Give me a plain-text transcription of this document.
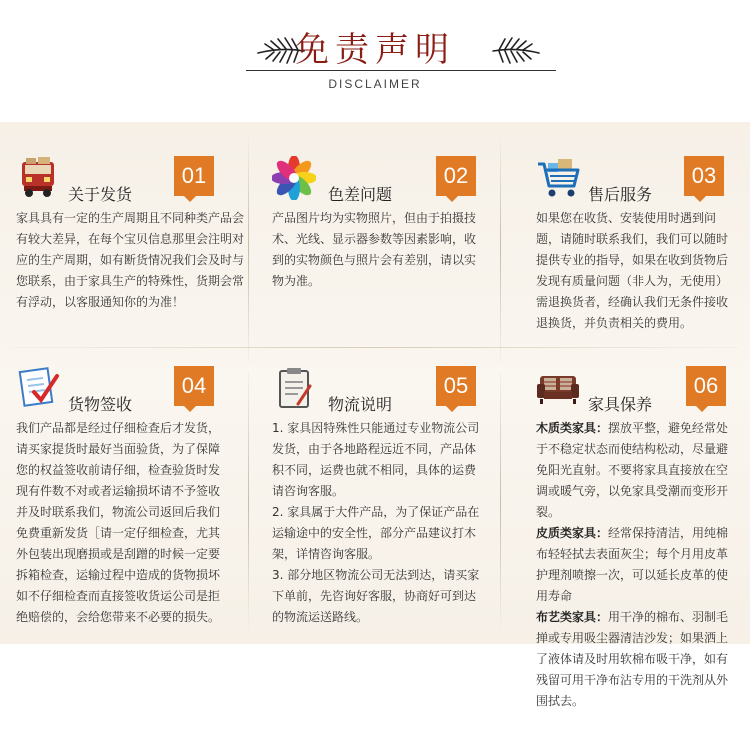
免责声明
DISCLAIMER
关于发货
01
家具具有一定的生产周期且不同种类产品会有较大差异，在每个宝贝信息那里会注明对应的生产周期，如有断货情况我们会及时与您联系，由于家具生产的特殊性，货期会常有浮动，以客服通知你的为准！
色差问题
02
产品图片均为实物照片，但由于拍摄技术、光线、显示器参数等因素影响，收到的实物颜色与照片会有差别，请以实物为准。
售后服务
03
如果您在收货、安装使用时遇到问题，请随时联系我们，我们可以随时提供专业的指导，如果在收到货物后发现有质量问题（非人为，无使用）需退换货者，经确认我们无条件接收退换货，并负责相关的费用。
货物签收
04
我们产品都是经过仔细检查后才发货，请买家提货时最好当面验货，为了保障您的权益签收前请仔细，检查验货时发现有件数不对或者运输损坏请不予签收并及时联系我们，物流公司返回后我们免费重新发货［请一定仔细检查，尤其外包装出现磨损或是刮蹭的时候一定要拆箱检查，运输过程中造成的货物损坏如不仔细检查而直接签收货运公司是拒绝赔偿的，会给您带来不必要的损失。
物流说明
05

1. 家具因特殊性只能通过专业物流公司发货，由于各地路程远近不同，产品体积不同，运费也就不相同，具体的运费请咨询客服。

2. 家具属于大件产品，为了保证产品在运输途中的安全性，部分产品建议打木架，详情咨询客服。

3. 部分地区物流公司无法到达，请买家下单前，先咨询好客服，协商好可到达的物流运送路线。

家具保养
06

木质类家具：摆放平整，避免经常处于不稳定状态而使结构松动，尽量避免阳光直射。不要将家具直接放在空调或暖气旁，以免家具受潮而变形开裂。

皮质类家具：经常保持清洁，用纯棉布轻轻拭去表面灰尘；每个月用皮革护理剂喷擦一次，可以延长皮革的使用寿命

布艺类家具：用干净的棉布、羽制毛掸或专用吸尘器清洁沙发；如果洒上了液体请及时用软棉布吸干净，如有残留可用干净布沾专用的干洗剂从外围拭去。
